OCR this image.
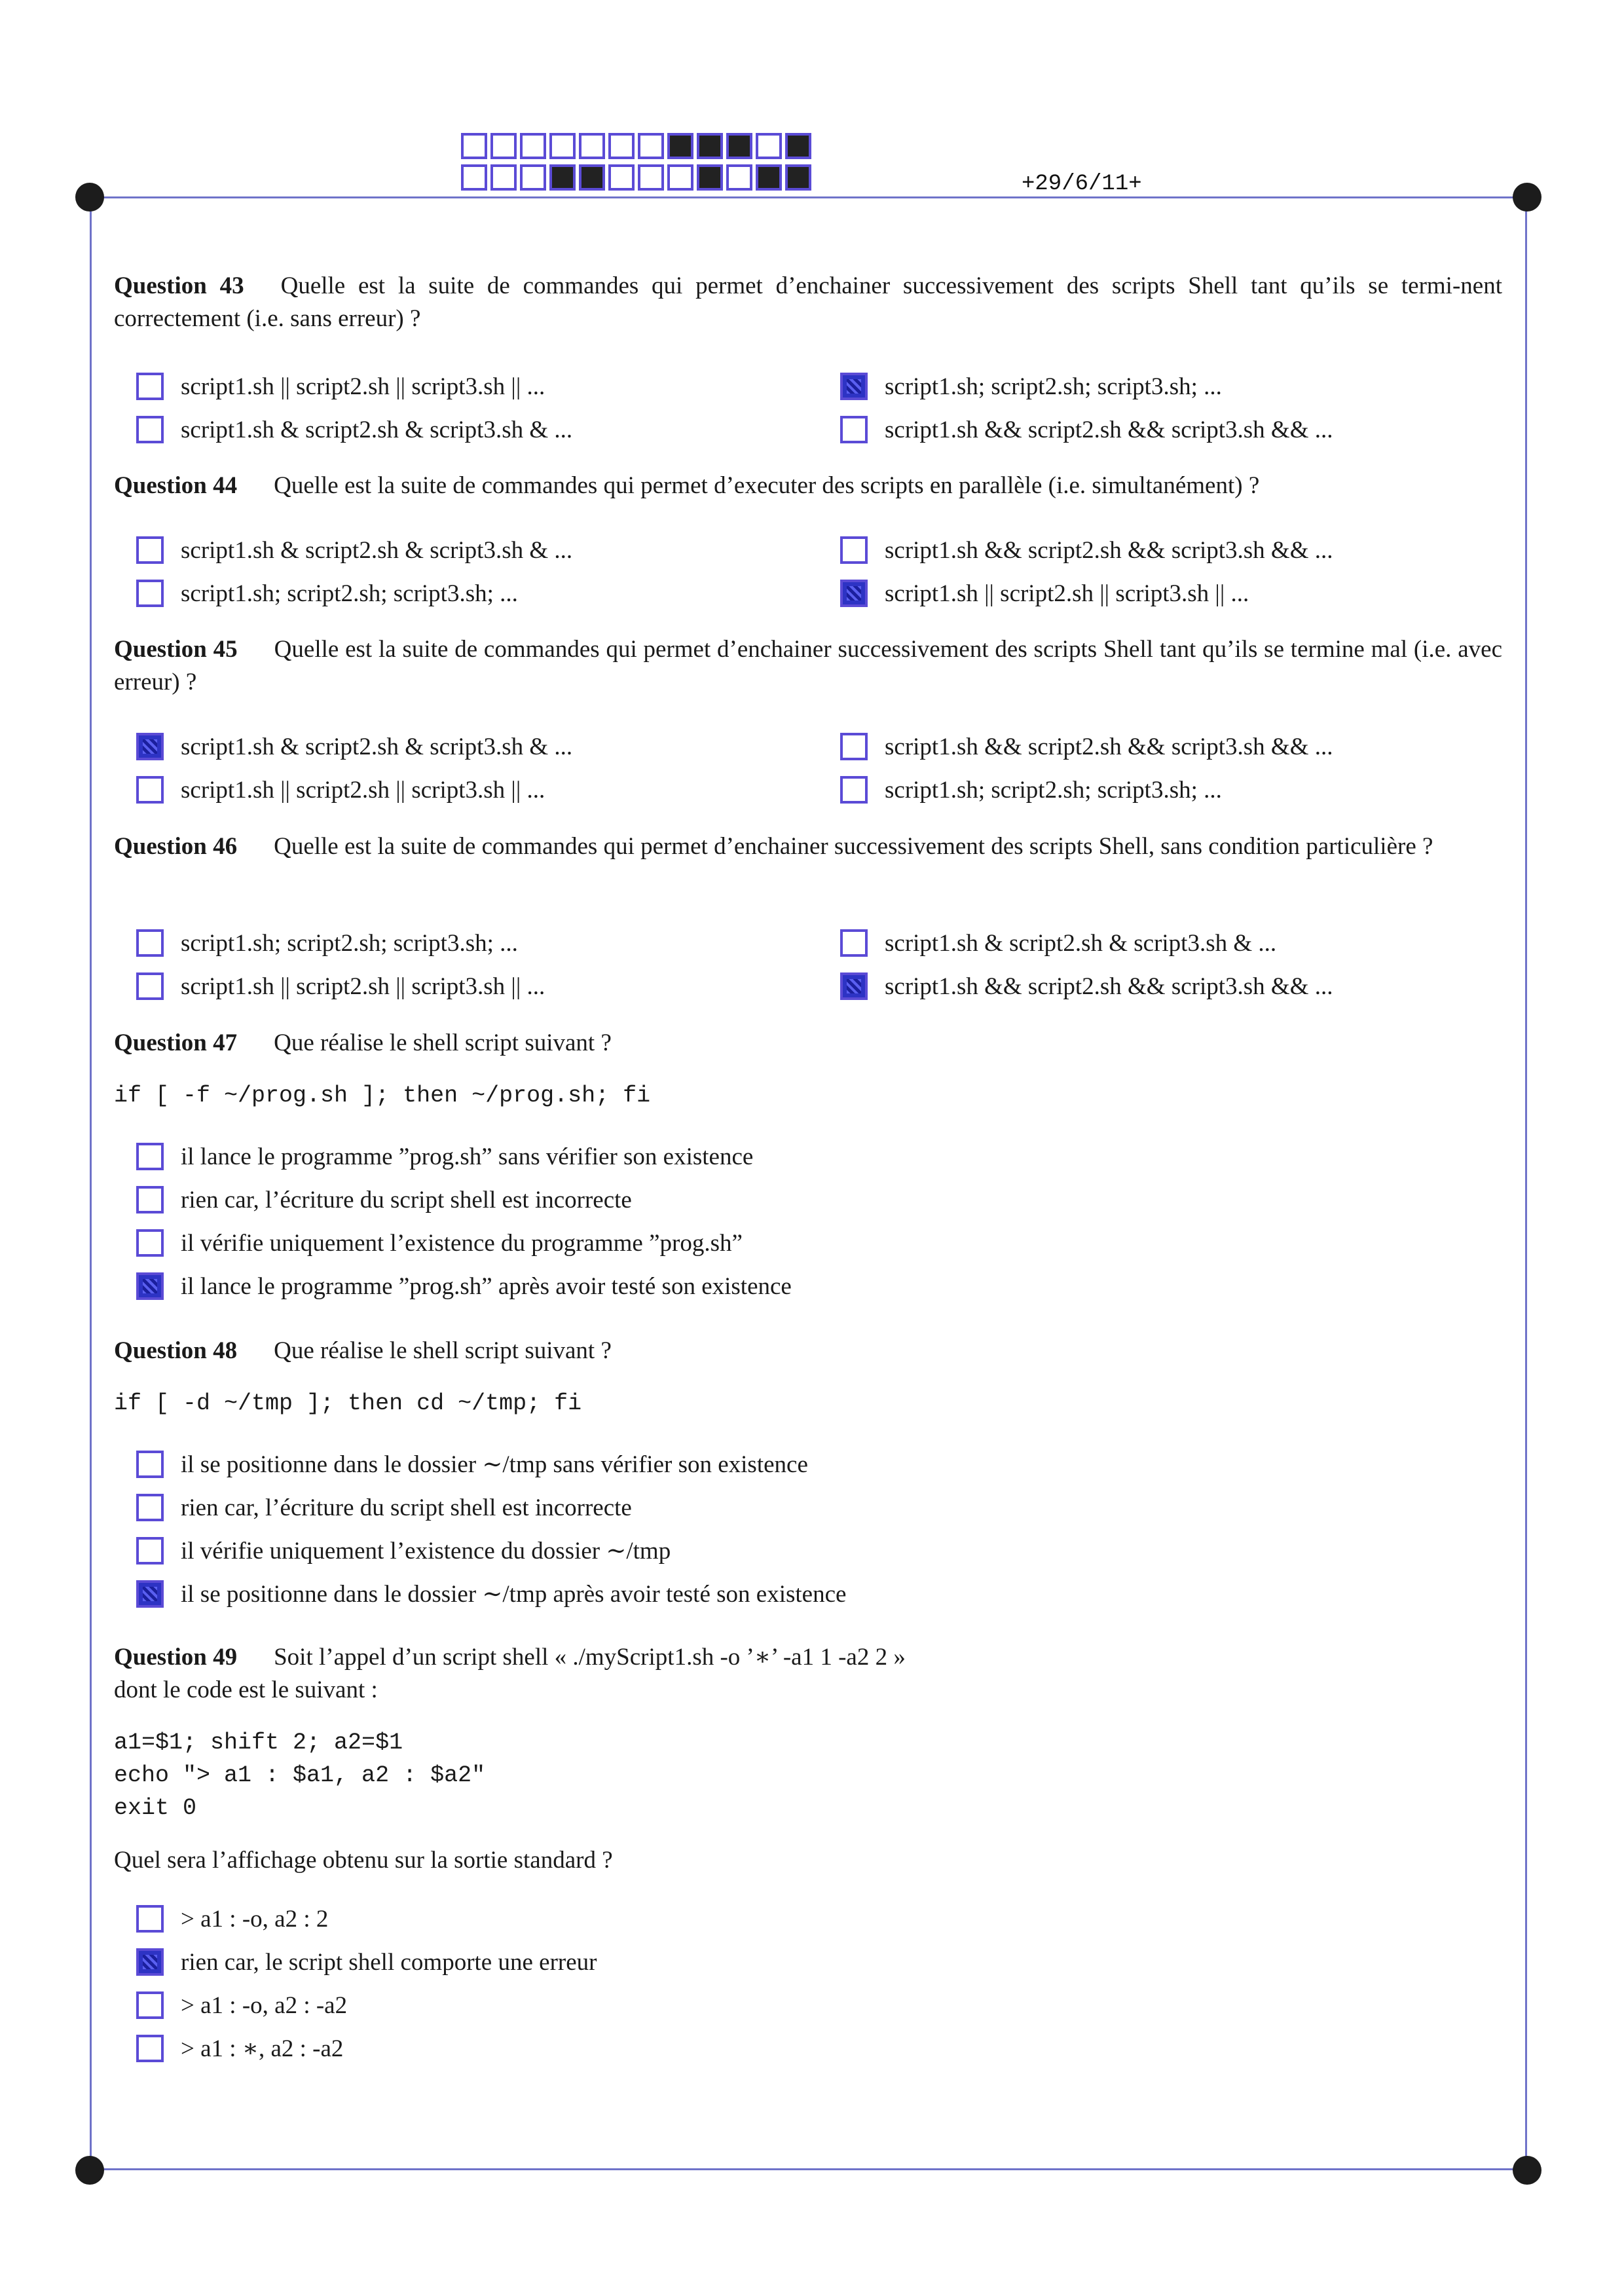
+29/6/11+

Question 43 Quelle est la suite de commandes qui permet d’enchainer successivement des scripts Shell tant qu’ils se termi-nent correctement (i.e. sans erreur) ?

script1.sh || script2.sh || script3.sh || ...	script1.sh; script2.sh; script3.sh; ...
script1.sh & script2.sh & script3.sh & ...	script1.sh && script2.sh && script3.sh && ...

Question 44 Quelle est la suite de commandes qui permet d’executer des scripts en parallèle (i.e. simultanément) ?

script1.sh & script2.sh & script3.sh & ...	script1.sh && script2.sh && script3.sh && ...
script1.sh; script2.sh; script3.sh; ...	script1.sh || script2.sh || script3.sh || ...

Question 45 Quelle est la suite de commandes qui permet d’enchainer successivement des scripts Shell tant qu’ils se termine mal (i.e. avec erreur) ?

script1.sh & script2.sh & script3.sh & ...	script1.sh && script2.sh && script3.sh && ...
script1.sh || script2.sh || script3.sh || ...	script1.sh; script2.sh; script3.sh; ...

Question 46 Quelle est la suite de commandes qui permet d’enchainer successivement des scripts Shell, sans condition particulière ?

script1.sh; script2.sh; script3.sh; ...	script1.sh & script2.sh & script3.sh & ...
script1.sh || script2.sh || script3.sh || ...	script1.sh && script2.sh && script3.sh && ...

Question 47 Que réalise le shell script suivant ?

if [ -f ~/prog.sh ]; then ~/prog.sh; fi

il lance le programme ”prog.sh” sans vérifier son existence
rien car, l’écriture du script shell est incorrecte
il vérifie uniquement l’existence du programme ”prog.sh”
il lance le programme ”prog.sh” après avoir testé son existence

Question 48 Que réalise le shell script suivant ?

if [ -d ~/tmp ]; then cd ~/tmp; fi

il se positionne dans le dossier ∼/tmp sans vérifier son existence
rien car, l’écriture du script shell est incorrecte
il vérifie uniquement l’existence du dossier ∼/tmp
il se positionne dans le dossier ∼/tmp après avoir testé son existence

Question 49 Soit l’appel d’un script shell « ./myScript1.sh -o ’∗’ -a1 1 -a2 2 »

dont le code est le suivant :

a1=$1; shift 2; a2=$1

echo "> a1 : $a1, a2 : $a2"

exit 0

Quel sera l’affichage obtenu sur la sortie standard ?

> a1 : -o, a2 : 2
rien car, le script shell comporte une erreur
> a1 : -o, a2 : -a2
> a1 : ∗, a2 : -a2
